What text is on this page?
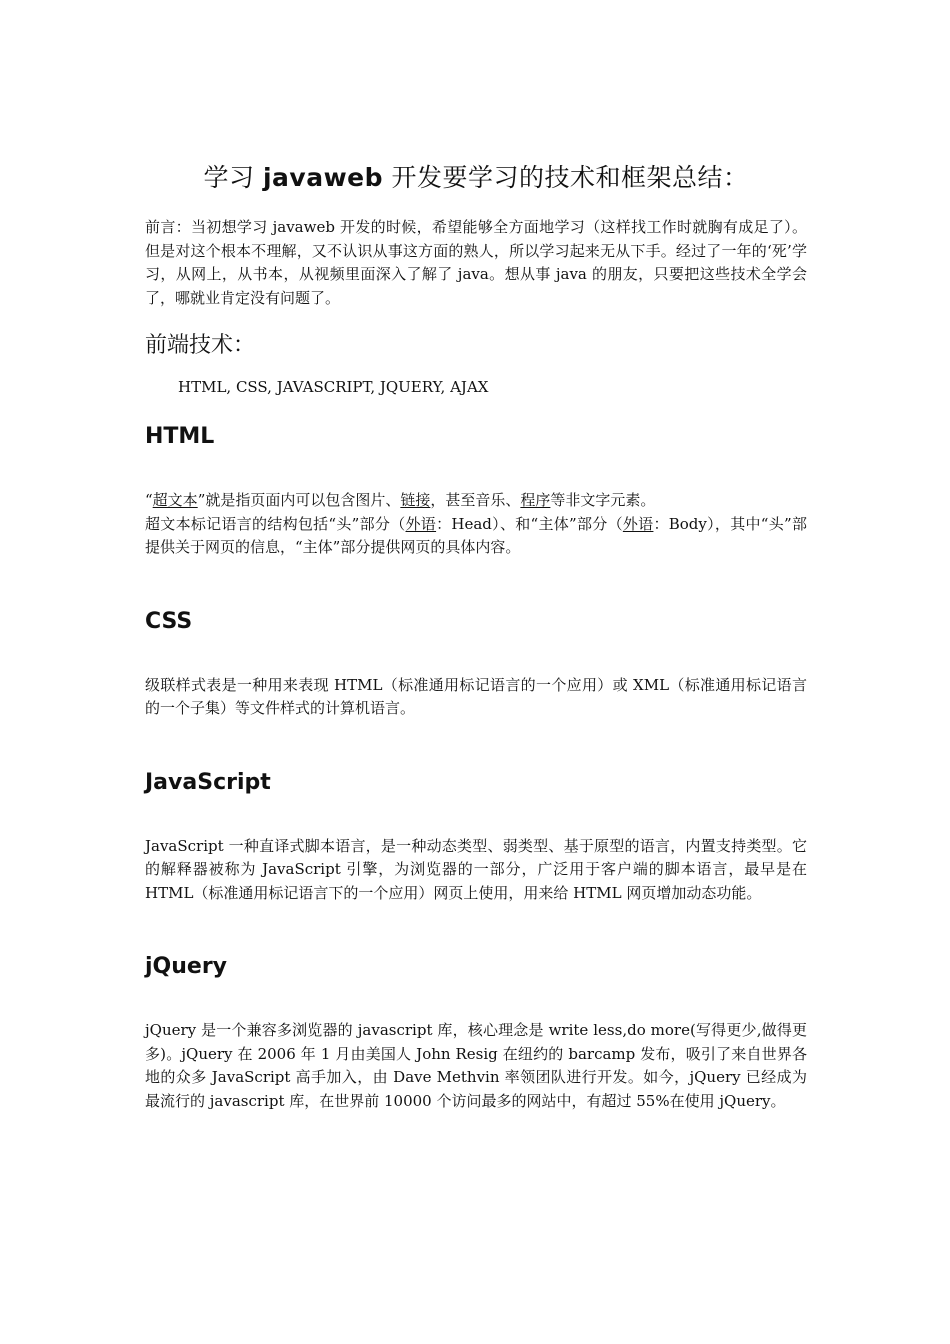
学习 javaweb 开发要学习的技术和框架总结：

前言：当初想学习 javaweb 开发的时候，希望能够全方面地学习（这样找工作时就胸有成足了）。但是对这个根本不理解，又不认识从事这方面的熟人，所以学习起来无从下手。经过了一年的‘死’学习，从网上，从书本，从视频里面深入了解了 java。想从事 java 的朋友，只要把这些技术全学会了，哪就业肯定没有问题了。

前端技术：
HTML, CSS, JAVASCRIPT, JQUERY, AJAX
HTML

“超文本”就是指页面内可以包含图片、链接，甚至音乐、程序等非文字元素。

超文本标记语言的结构包括“头”部分（外语：Head）、和“主体”部分（外语：Body），其中“头”部提供关于网页的信息，“主体”部分提供网页的具体内容。

CSS

级联样式表是一种用来表现 HTML（标准通用标记语言的一个应用）或 XML（标准通用标记语言的一个子集）等文件样式的计算机语言。

JavaScript

JavaScript 一种直译式脚本语言，是一种动态类型、弱类型、基于原型的语言，内置支持类型。它的解释器被称为 JavaScript 引擎，为浏览器的一部分，广泛用于客户端的脚本语言，最早是在 HTML（标准通用标记语言下的一个应用）网页上使用，用来给 HTML 网页增加动态功能。

jQuery

jQuery 是一个兼容多浏览器的 javascript 库，核心理念是 write less,do more(写得更少,做得更多)。jQuery 在 2006 年 1 月由美国人 John Resig 在纽约的 barcamp 发布，吸引了来自世界各地的众多 JavaScript 高手加入，由 Dave Methvin 率领团队进行开发。如今，jQuery 已经成为最流行的 javascript 库，在世界前 10000 个访问最多的网站中，有超过 55%在使用 jQuery。
